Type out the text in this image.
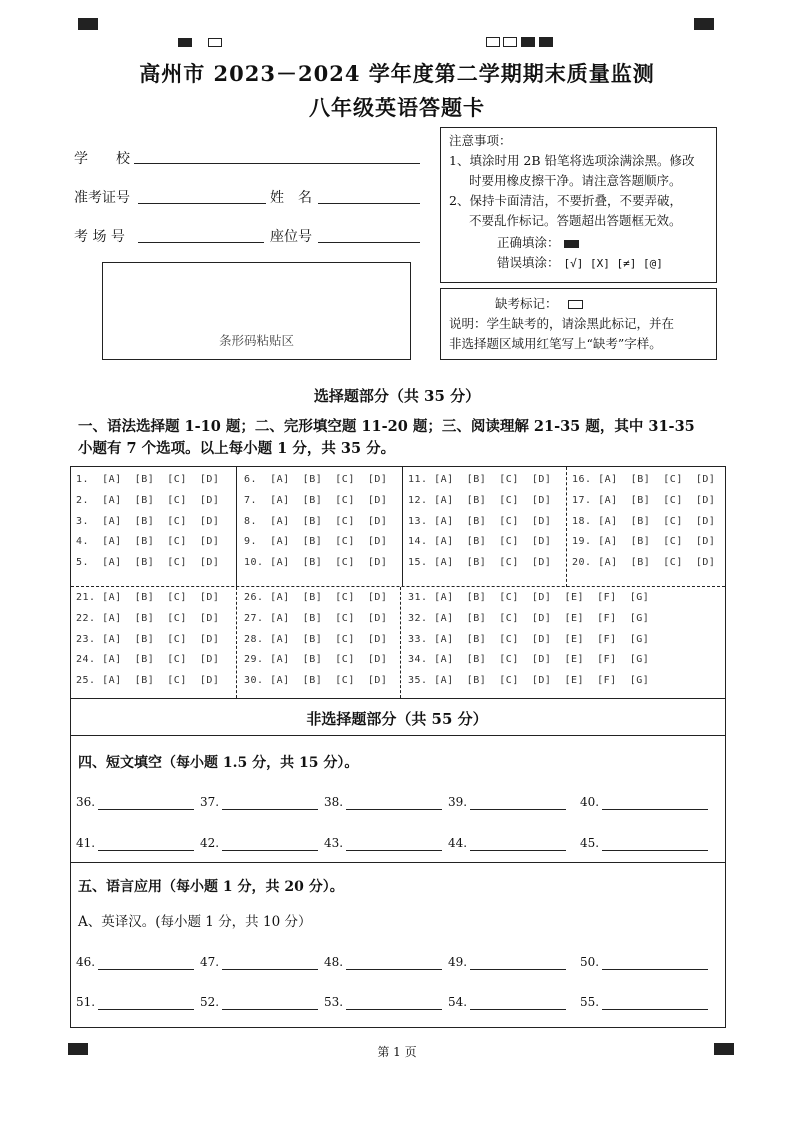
高州市 2023－2024 学年度第二学期期末质量监测
八年级英语答题卡
学　　校
准考证号	姓　名
考 场 号	座位号
条形码粘贴区
注意事项：
1、填涂时用 2B 铅笔将选项涂满涂黑。修改
时要用橡皮擦干净。请注意答题顺序。
2、保持卡面清洁，不要折叠，不要弄破，
不要乱作标记。答题超出答题框无效。
正确填涂：
错误填涂： [√] [X] [≠] [@]
缺考标记：
说明：学生缺考的，请涂黑此标记，并在
非选择题区域用红笔写上“缺考”字样。
选择题部分（共 35 分）
一、语法选择题 1-10 题；二、完形填空题 11-20 题；三、阅读理解 21-35 题，其中 31-35
小题有 7 个选项。以上每小题 1 分，共 35 分。
1.  [A]  [B]  [C]  [D]
2.  [A]  [B]  [C]  [D]
3.  [A]  [B]  [C]  [D]
4.  [A]  [B]  [C]  [D]
5.  [A]  [B]  [C]  [D]
6.  [A]  [B]  [C]  [D]
7.  [A]  [B]  [C]  [D]
8.  [A]  [B]  [C]  [D]
9.  [A]  [B]  [C]  [D]
10. [A]  [B]  [C]  [D]
11. [A]  [B]  [C]  [D]
12. [A]  [B]  [C]  [D]
13. [A]  [B]  [C]  [D]
14. [A]  [B]  [C]  [D]
15. [A]  [B]  [C]  [D]
16. [A]  [B]  [C]  [D]
17. [A]  [B]  [C]  [D]
18. [A]  [B]  [C]  [D]
19. [A]  [B]  [C]  [D]
20. [A]  [B]  [C]  [D]
21. [A]  [B]  [C]  [D]
22. [A]  [B]  [C]  [D]
23. [A]  [B]  [C]  [D]
24. [A]  [B]  [C]  [D]
25. [A]  [B]  [C]  [D]
26. [A]  [B]  [C]  [D]
27. [A]  [B]  [C]  [D]
28. [A]  [B]  [C]  [D]
29. [A]  [B]  [C]  [D]
30. [A]  [B]  [C]  [D]
31. [A]  [B]  [C]  [D]  [E]  [F]  [G]
32. [A]  [B]  [C]  [D]  [E]  [F]  [G]
33. [A]  [B]  [C]  [D]  [E]  [F]  [G]
34. [A]  [B]  [C]  [D]  [E]  [F]  [G]
35. [A]  [B]  [C]  [D]  [E]  [F]  [G]
非选择题部分（共 55 分）
四、短文填空（每小题 1.5 分，共 15 分）。
36.	37.	38.	39.	40.
41.	42.	43.	44.	45.
五、语言应用（每小题 1 分，共 20 分）。
A、英译汉。(每小题 1 分，共 10 分）
46.	47.	48.	49.	50.
51.	52.	53.	54.	55.
第 1 页
